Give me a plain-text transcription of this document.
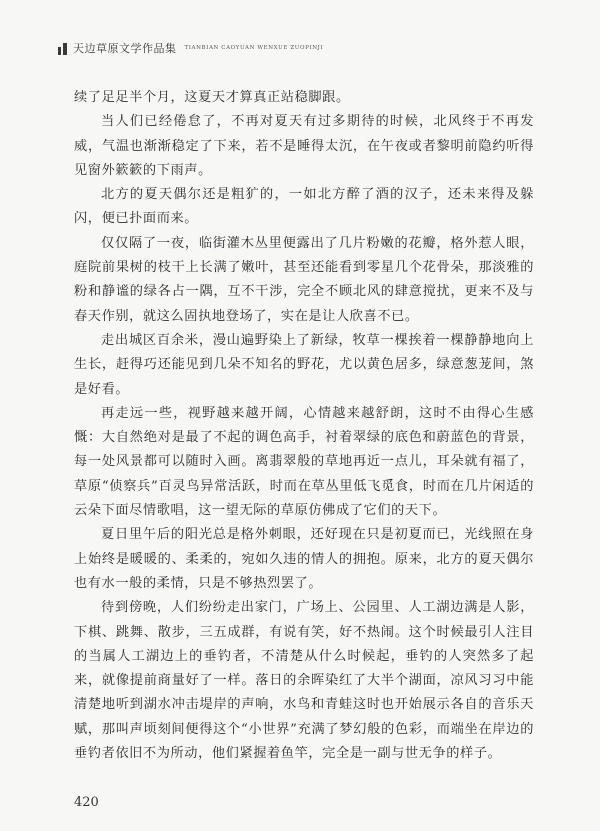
天边草原文学作品集 TIANBIAN CAOYUAN WENXUE ZUOPINJI

续了足足半个月，这夏天才算真正站稳脚跟。

当人们已经倦怠了，不再对夏天有过多期待的时候，北风终于不再发威，气温也渐渐稳定了下来，若不是睡得太沉，在午夜或者黎明前隐约听得见窗外簌簌的下雨声。

北方的夏天偶尔还是粗犷的，一如北方醉了酒的汉子，还未来得及躲闪，便已扑面而来。

仅仅隔了一夜，临街灌木丛里便露出了几片粉嫩的花瓣，格外惹人眼，庭院前果树的枝干上长满了嫩叶，甚至还能看到零星几个花骨朵，那淡雅的粉和静谧的绿各占一隅，互不干涉，完全不顾北风的肆意搅扰，更来不及与春天作别，就这么固执地登场了，实在是让人欣喜不已。

走出城区百余米，漫山遍野染上了新绿，牧草一棵挨着一棵静静地向上生长，赶得巧还能见到几朵不知名的野花，尤以黄色居多，绿意葱茏间，煞是好看。

再走远一些，视野越来越开阔，心情越来越舒朗，这时不由得心生感慨：大自然绝对是最了不起的调色高手，衬着翠绿的底色和蔚蓝色的背景，每一处风景都可以随时入画。离翡翠般的草地再近一点儿，耳朵就有福了，草原“侦察兵”百灵鸟异常活跃，时而在草丛里低飞觅食，时而在几片闲适的云朵下面尽情歌唱，这一望无际的草原仿佛成了它们的天下。

夏日里午后的阳光总是格外刺眼，还好现在只是初夏而已，光线照在身上始终是暖暖的、柔柔的，宛如久违的情人的拥抱。原来，北方的夏天偶尔也有水一般的柔情，只是不够热烈罢了。

待到傍晚，人们纷纷走出家门，广场上、公园里、人工湖边满是人影，下棋、跳舞、散步，三五成群，有说有笑，好不热闹。这个时候最引人注目的当属人工湖边上的垂钓者，不清楚从什么时候起，垂钓的人突然多了起来，就像提前商量好了一样。落日的余晖染红了大半个湖面，凉风习习中能清楚地听到湖水冲击堤岸的声响，水鸟和青蛙这时也开始展示各自的音乐天赋，那叫声顷刻间便得这个“小世界”充满了梦幻般的色彩，而端坐在岸边的垂钓者依旧不为所动，他们紧握着鱼竿，完全是一副与世无争的样子。

420
